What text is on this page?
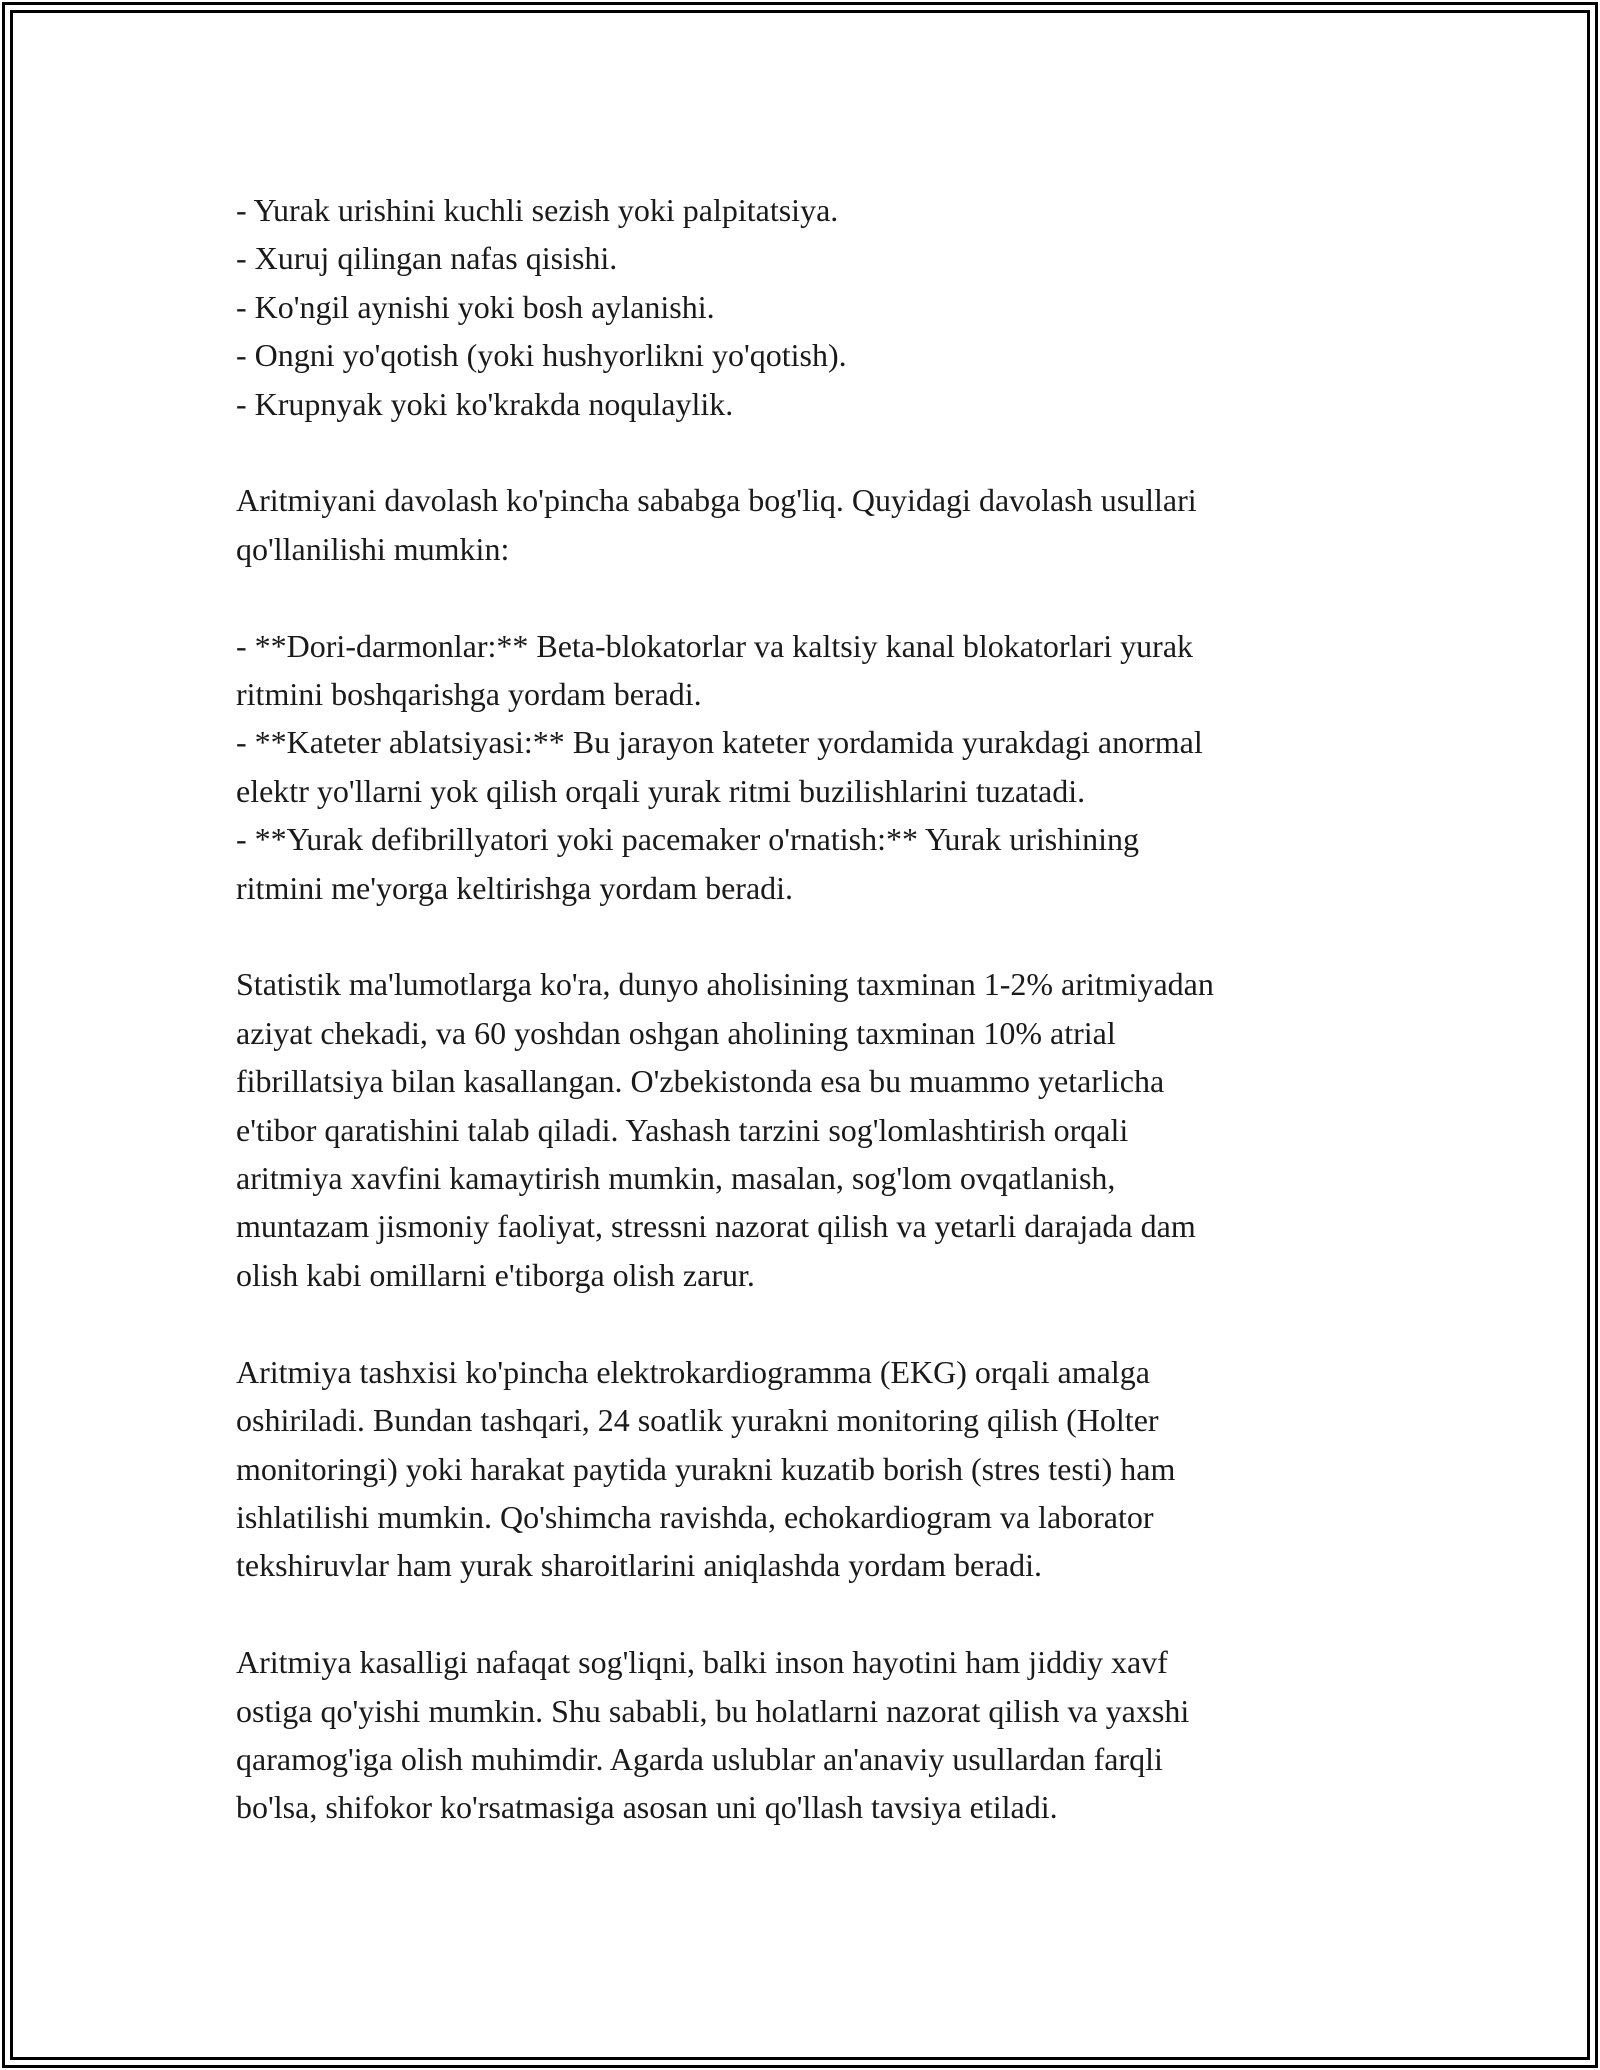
- Yurak urishini kuchli sezish yoki palpitatsiya.
- Xuruj qilingan nafas qisishi.
- Ko'ngil aynishi yoki bosh aylanishi.
- Ongni yo'qotish (yoki hushyorlikni yo'qotish).
- Krupnyak yoki ko'krakda noqulaylik.
Aritmiyani davolash ko'pincha sababga bog'liq. Quyidagi davolash usullari
qo'llanilishi mumkin:
- **Dori-darmonlar:** Beta-blokatorlar va kaltsiy kanal blokatorlari yurak
ritmini boshqarishga yordam beradi.
- **Kateter ablatsiyasi:** Bu jarayon kateter yordamida yurakdagi anormal
elektr yo'llarni yok qilish orqali yurak ritmi buzilishlarini tuzatadi.
- **Yurak defibrillyatori yoki pacemaker o'rnatish:** Yurak urishining
ritmini me'yorga keltirishga yordam beradi.
Statistik ma'lumotlarga ko'ra, dunyo aholisining taxminan 1-2% aritmiyadan
aziyat chekadi, va 60 yoshdan oshgan aholining taxminan 10% atrial
fibrillatsiya bilan kasallangan. O'zbekistonda esa bu muammo yetarlicha
e'tibor qaratishini talab qiladi. Yashash tarzini sog'lomlashtirish orqali
aritmiya xavfini kamaytirish mumkin, masalan, sog'lom ovqatlanish,
muntazam jismoniy faoliyat, stressni nazorat qilish va yetarli darajada dam
olish kabi omillarni e'tiborga olish zarur.
Aritmiya tashxisi ko'pincha elektrokardiogramma (EKG) orqali amalga
oshiriladi. Bundan tashqari, 24 soatlik yurakni monitoring qilish (Holter
monitoringi) yoki harakat paytida yurakni kuzatib borish (stres testi) ham
ishlatilishi mumkin. Qo'shimcha ravishda, echokardiogram va laborator
tekshiruvlar ham yurak sharoitlarini aniqlashda yordam beradi.
Aritmiya kasalligi nafaqat sog'liqni, balki inson hayotini ham jiddiy xavf
ostiga qo'yishi mumkin. Shu sababli, bu holatlarni nazorat qilish va yaxshi
qaramog'iga olish muhimdir. Agarda uslublar an'anaviy usullardan farqli
bo'lsa, shifokor ko'rsatmasiga asosan uni qo'llash tavsiya etiladi.
